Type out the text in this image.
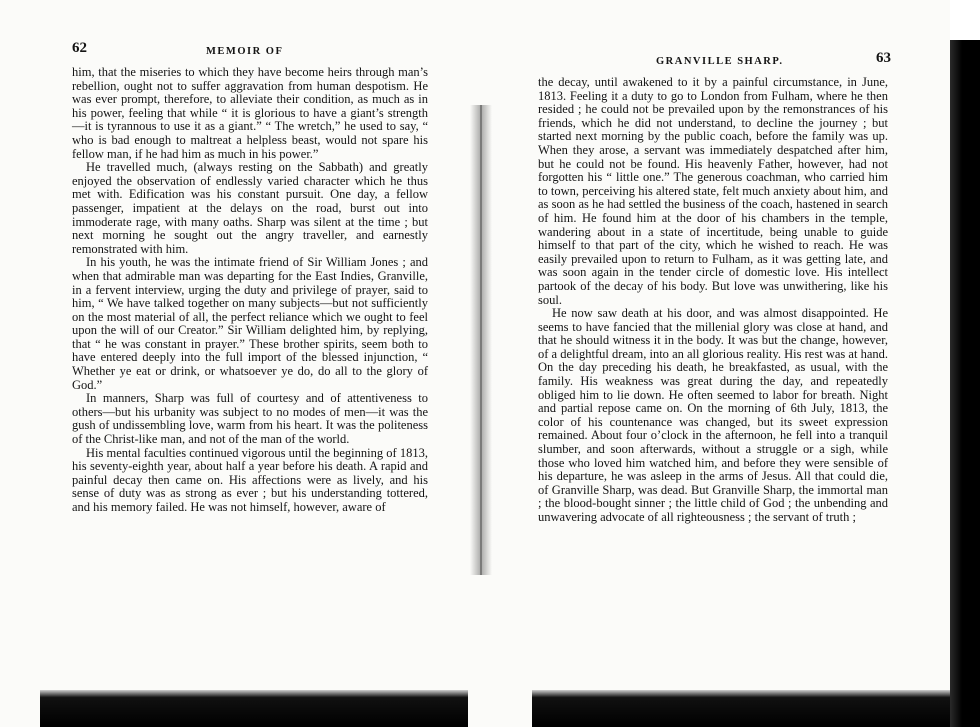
62	MEMOIR OF

him, that the miseries to which they have become heirs through man’s rebellion, ought not to suffer aggravation from human despotism. He was ever prompt, therefore, to alleviate their condition, as much as in his power, feeling that while “ it is glorious to have a giant’s strength—it is tyrannous to use it as a giant.” “ The wretch,” he used to say, “ who is bad enough to maltreat a helpless beast, would not spare his fellow man, if he had him as much in his power.”

He travelled much, (always resting on the Sabbath) and greatly enjoyed the observation of endlessly varied character which he thus met with. Edification was his constant pursuit. One day, a fellow passenger, impatient at the delays on the road, burst out into immoderate rage, with many oaths. Sharp was silent at the time ; but next morning he sought out the angry traveller, and earnestly remonstrated with him.

In his youth, he was the intimate friend of Sir William Jones ; and when that admirable man was departing for the East Indies, Granville, in a fervent interview, urging the duty and privilege of prayer, said to him, “ We have talked together on many subjects—but not sufficiently on the most material of all, the perfect reliance which we ought to feel upon the will of our Creator.” Sir William delighted him, by replying, that “ he was constant in prayer.” These brother spirits, seem both to have entered deeply into the full import of the blessed injunction, “ Whether ye eat or drink, or whatsoever ye do, do all to the glory of God.”

In manners, Sharp was full of courtesy and of attentiveness to others—but his urbanity was subject to no modes of men—it was the gush of undissembling love, warm from his heart. It was the politeness of the Christ-like man, and not of the man of the world.

His mental faculties continued vigorous until the beginning of 1813, his seventy-eighth year, about half a year before his death. A rapid and painful decay then came on. His affections were as lively, and his sense of duty was as strong as ever ; but his understanding tottered, and his memory failed. He was not himself, however, aware of

GRANVILLE SHARP.	63

the decay, until awakened to it by a painful circumstance, in June, 1813. Feeling it a duty to go to London from Fulham, where he then resided ; he could not be prevailed upon by the remonstrances of his friends, which he did not understand, to decline the journey ; but started next morning by the public coach, before the family was up. When they arose, a servant was immediately despatched after him, but he could not be found. His heavenly Father, however, had not forgotten his “ little one.” The generous coachman, who carried him to town, perceiving his altered state, felt much anxiety about him, and as soon as he had settled the business of the coach, hastened in search of him. He found him at the door of his chambers in the temple, wandering about in a state of incertitude, being unable to guide himself to that part of the city, which he wished to reach. He was easily prevailed upon to return to Fulham, as it was getting late, and was soon again in the tender circle of domestic love. His intellect partook of the decay of his body. But love was unwithering, like his soul.

He now saw death at his door, and was almost disappointed. He seems to have fancied that the millenial glory was close at hand, and that he should witness it in the body. It was but the change, however, of a delightful dream, into an all glorious reality. His rest was at hand. On the day preceding his death, he breakfasted, as usual, with the family. His weakness was great during the day, and repeatedly obliged him to lie down. He often seemed to labor for breath. Night and partial repose came on. On the morning of 6th July, 1813, the color of his countenance was changed, but its sweet expression remained. About four o’clock in the afternoon, he fell into a tranquil slumber, and soon afterwards, without a struggle or a sigh, while those who loved him watched him, and before they were sensible of his departure, he was asleep in the arms of Jesus. All that could die, of Granville Sharp, was dead. But Granville Sharp, the immortal man ; the blood-bought sinner ; the little child of God ; the unbending and unwavering advocate of all righteousness ; the servant of truth ;
